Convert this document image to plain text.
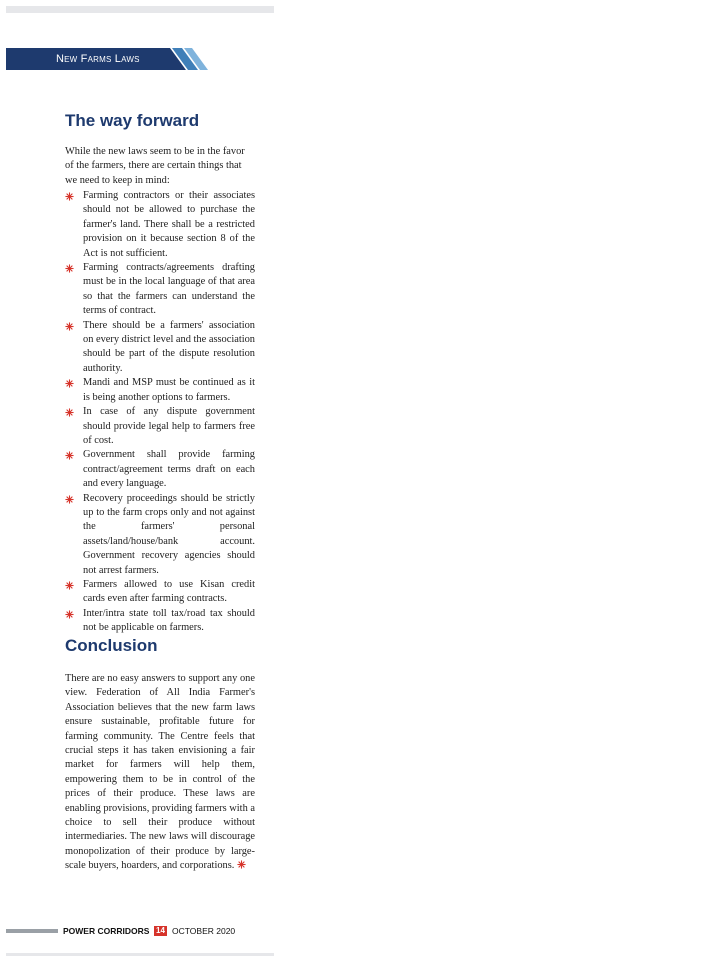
New Farms Laws
The way forward

While the new laws seem to be in the favor of the farmers, there are certain things that we need to keep in mind:

Farming contractors or their associates should not be allowed to purchase the farmer's land. There shall be a restricted provision on it because section 8 of the Act is not sufficient.
Farming contracts/agreements drafting must be in the local language of that area so that the farmers can understand the terms of contract.
There should be a farmers' association on every district level and the association should be part of the dispute resolution authority.
Mandi and MSP must be continued as it is being another options to farmers.
In case of any dispute government should provide legal help to farmers free of cost.
Government shall provide farming contract/agreement terms draft on each and every language.
Recovery proceedings should be strictly up to the farm crops only and not against the farmers' personal assets/land/house/bank account. Government recovery agencies should not arrest farmers.
Farmers allowed to use Kisan credit cards even after farming contracts.
Inter/intra state toll tax/road tax should not be applicable on farmers.
Conclusion

There are no easy answers to support any one view. Federation of All India Farmer's Association believes that the new farm laws ensure sustainable, profitable future for farming community. The Centre feels that crucial steps it has taken envisioning a fair market for farmers will help them, empowering them to be in control of the prices of their produce. These laws are enabling provisions, providing farmers with a choice to sell their produce without intermediaries. The new laws will discourage monopolization of their produce by large-scale buyers, hoarders, and corporations.

POWER CORRIDORS 14 OCTOBER 2020
